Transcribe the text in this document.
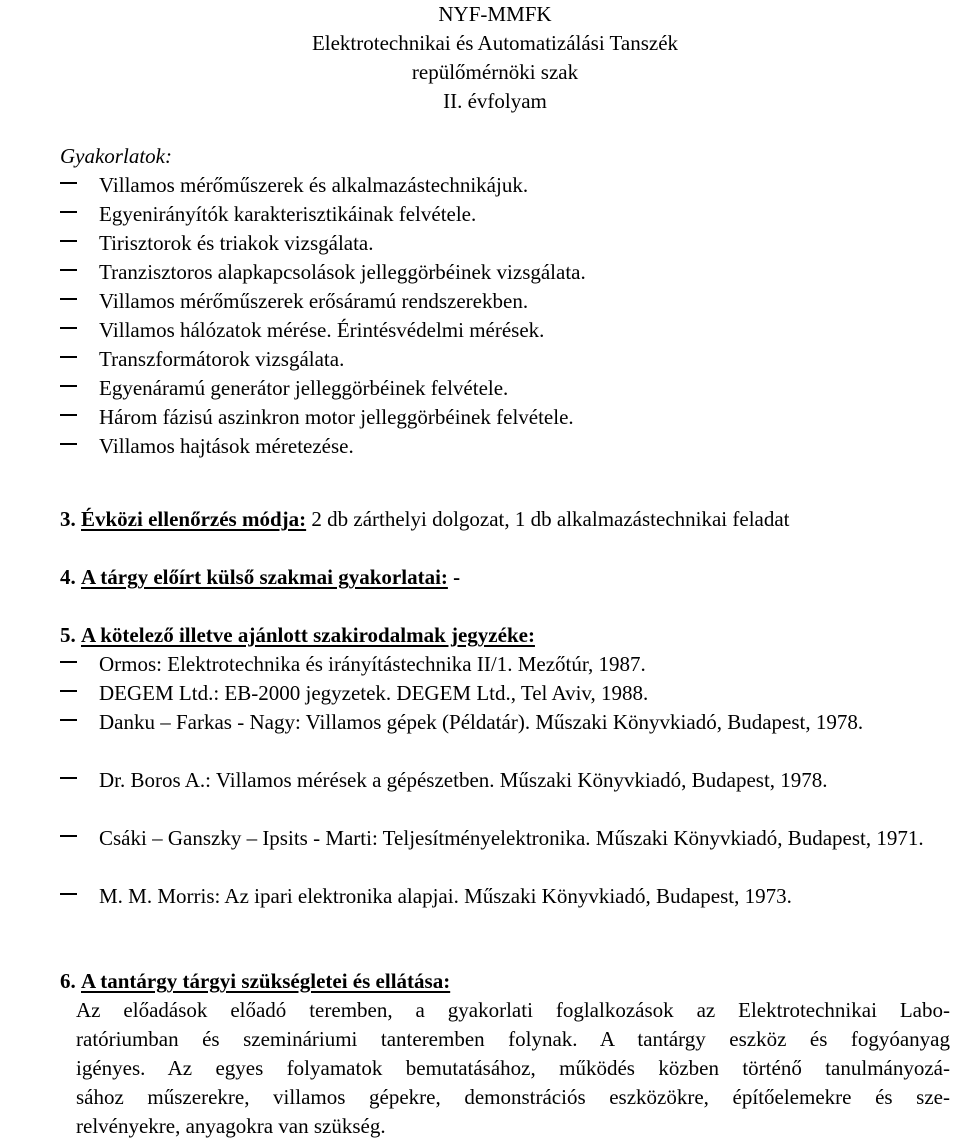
NYF-MMFK
Elektrotechnikai és Automatizálási Tanszék
repülőmérnöki szak
II. évfolyam
Gyakorlatok:
Villamos mérőműszerek és alkalmazástechnikájuk.
Egyenirányítók karakterisztikáinak felvétele.
Tirisztorok és triakok vizsgálata.
Tranzisztoros alapkapcsolások jelleggörbéinek vizsgálata.
Villamos mérőműszerek erősáramú rendszerekben.
Villamos hálózatok mérése. Érintésvédelmi mérések.
Transzformátorok vizsgálata.
Egyenáramú generátor jelleggörbéinek felvétele.
Három fázisú aszinkron motor jelleggörbéinek felvétele.
Villamos hajtások méretezése.
3. Évközi ellenőrzés módja: 2 db zárthelyi dolgozat, 1 db alkalmazástechnikai feladat
4. A tárgy előírt külső szakmai gyakorlatai: -
5. A kötelező illetve ajánlott szakirodalmak jegyzéke:
Ormos: Elektrotechnika és irányítástechnika II/1. Mezőtúr, 1987.
DEGEM Ltd.: EB-2000 jegyzetek. DEGEM Ltd., Tel Aviv, 1988.
Danku – Farkas - Nagy: Villamos gépek (Példatár). Műszaki Könyvkiadó, Budapest, 1978.
Dr. Boros A.: Villamos mérések a gépészetben. Műszaki Könyvkiadó, Budapest, 1978.
Csáki – Ganszky – Ipsits - Marti: Teljesítményelektronika. Műszaki Könyvkiadó, Budapest, 1971.
M. M. Morris: Az ipari elektronika alapjai. Műszaki Könyvkiadó, Budapest, 1973.
6. A tantárgy tárgyi szükségletei és ellátása:
Az előadások előadó teremben, a gyakorlati foglalkozások az Elektrotechnikai Labo-
ratóriumban és szemináriumi tanteremben folynak. A tantárgy eszköz és fogyóanyag
igényes. Az egyes folyamatok bemutatásához, működés közben történő tanulmányozá-
sához műszerekre, villamos gépekre, demonstrációs eszközökre, építőelemekre és sze-
relvényekre, anyagokra van szükség.
